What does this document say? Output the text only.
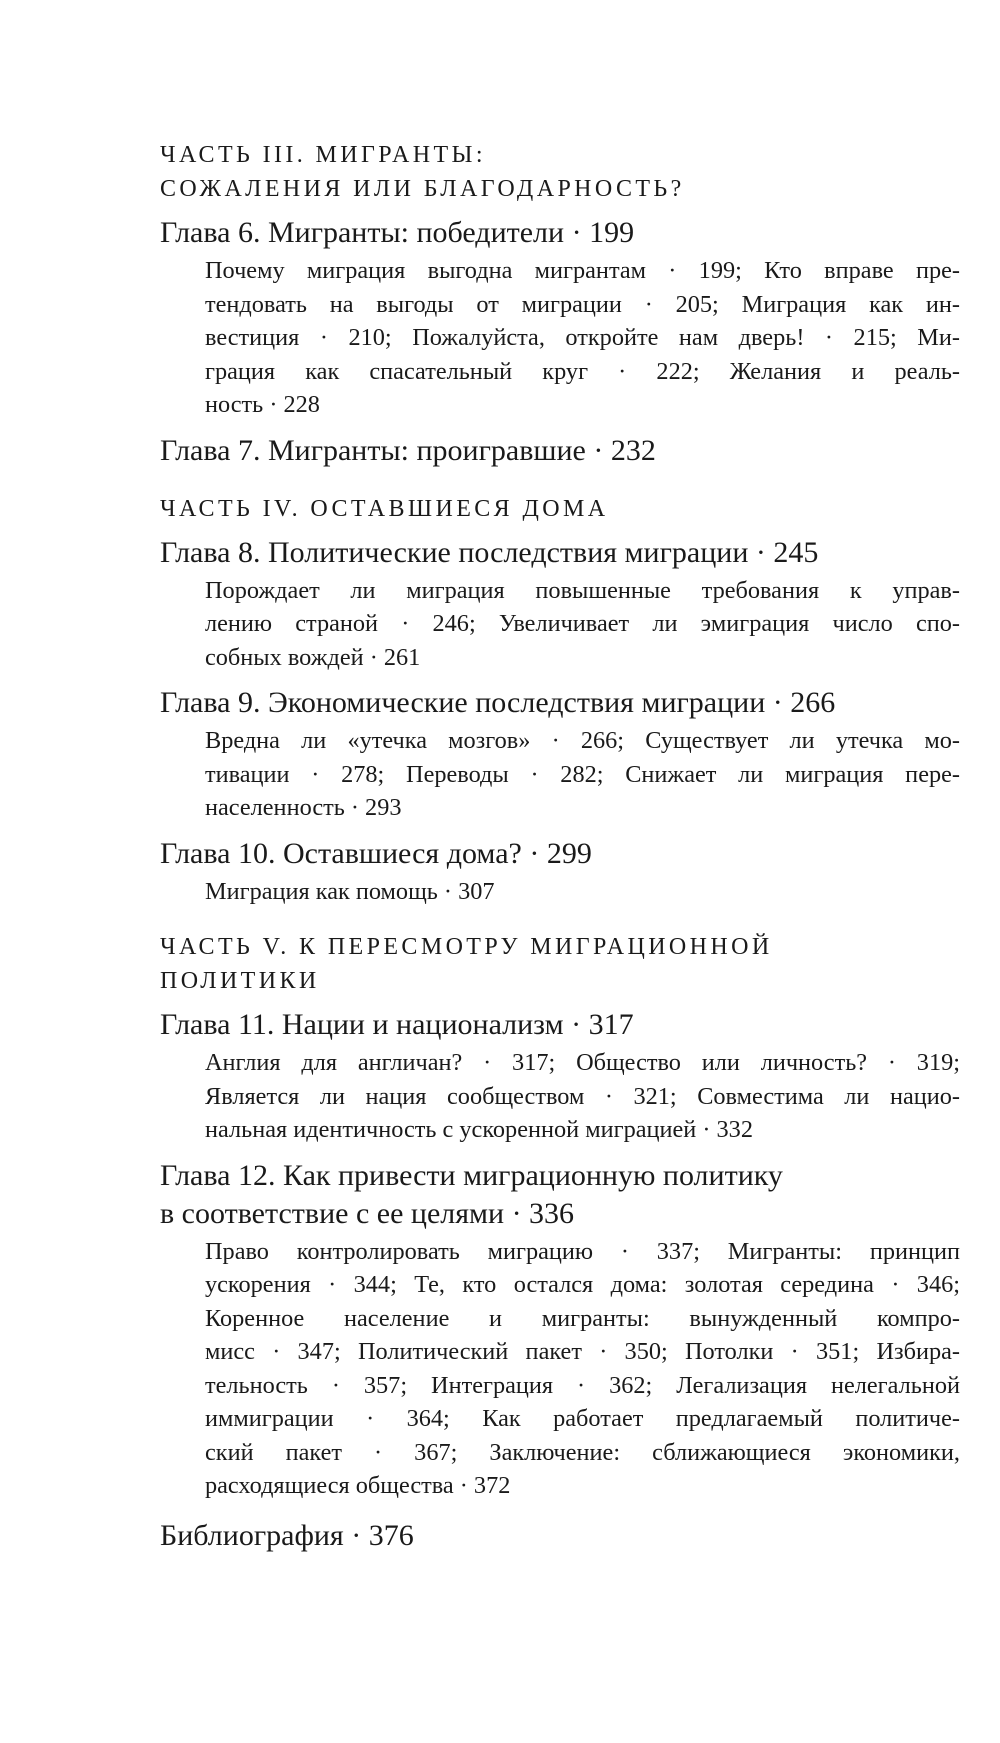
ЧАСТЬ III. МИГРАНТЫ:

СОЖАЛЕНИЯ ИЛИ БЛАГОДАРНОСТЬ?

Глава 6. Мигранты: победители · 199
Почему миграция выгодна мигрантам · 199; Кто вправе пре-
тендовать на выгоды от миграции · 205; Миграция как ин-
вестиция · 210; Пожалуйста, откройте нам дверь! · 215; Ми-
грация как спасательный круг · 222; Желания и реаль-
ность · 228
Глава 7. Мигранты: проигравшие · 232

ЧАСТЬ IV. ОСТАВШИЕСЯ ДОМА

Глава 8. Политические последствия миграции · 245
Порождает ли миграция повышенные требования к управ-
лению страной · 246; Увеличивает ли эмиграция число спо-
собных вождей · 261
Глава 9. Экономические последствия миграции · 266
Вредна ли «утечка мозгов» · 266; Существует ли утечка мо-
тивации · 278; Переводы · 282; Снижает ли миграция пере-
населенность · 293
Глава 10. Оставшиеся дома? · 299
Миграция как помощь · 307

ЧАСТЬ V. К ПЕРЕСМОТРУ МИГРАЦИОННОЙ

ПОЛИТИКИ

Глава 11. Нации и национализм · 317
Англия для англичан? · 317; Общество или личность? · 319;
Является ли нация сообществом · 321; Совместима ли нацио-
нальная идентичность с ускоренной миграцией · 332
Глава 12. Как привести миграционную политику
в соответствие с ее целями · 336
Право контролировать миграцию · 337; Мигранты: принцип
ускорения · 344; Те, кто остался дома: золотая середина · 346;
Коренное население и мигранты: вынужденный компро-
мисс · 347; Политический пакет · 350; Потолки · 351; Избира-
тельность · 357; Интеграция · 362; Легализация нелегальной
иммиграции · 364; Как работает предлагаемый политиче-
ский пакет · 367; Заключение: сближающиеся экономики,
расходящиеся общества · 372
Библиография · 376
